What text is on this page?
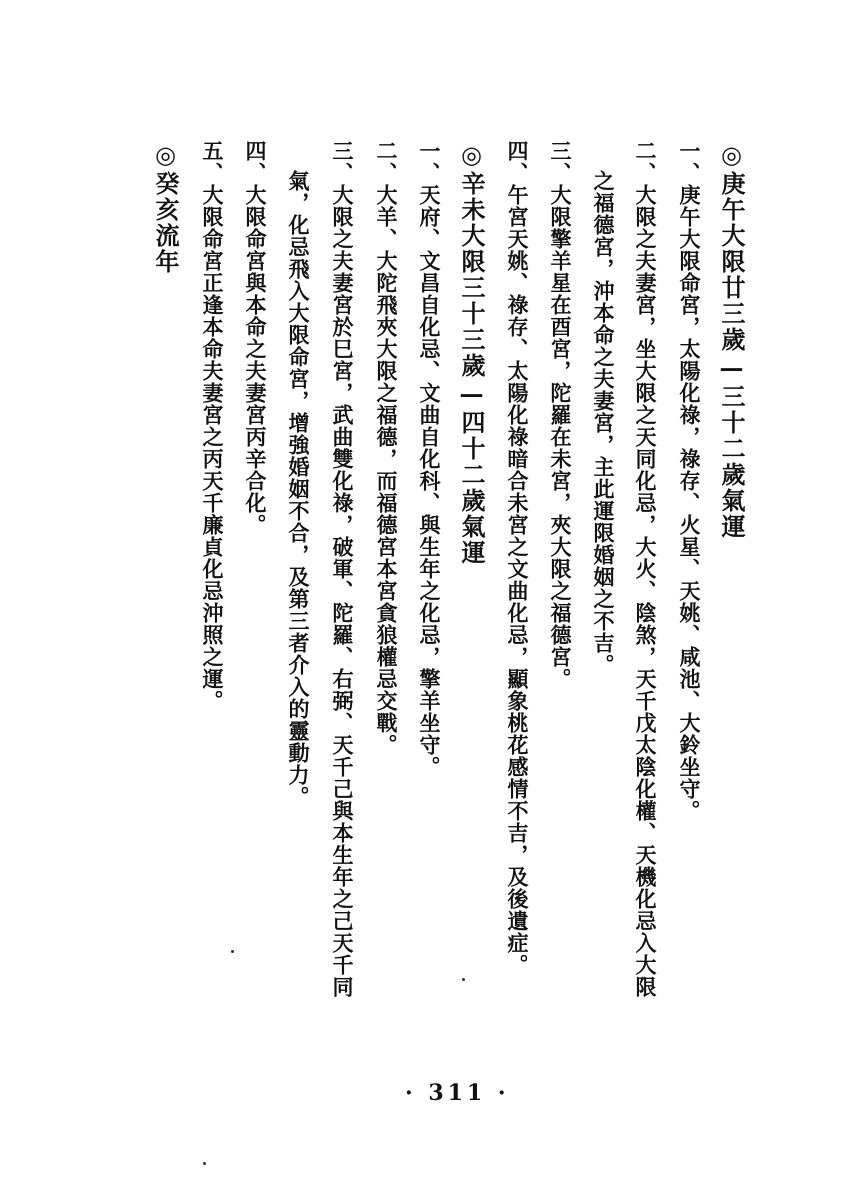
◎庚午大限廿三歲—三十二歲氣運
一、庚午大限命宮，太陽化祿，祿存、火星、天姚、咸池、大鈴坐守。
二、大限之夫妻宮，坐大限之天同化忌，大火、陰煞，天千戊太陰化權、天機化忌入大限
之福德宮，沖本命之夫妻宮，主此運限婚姻之不吉。
三、大限擎羊星在酉宮，陀羅在未宮，夾大限之福德宮。
四、午宮天姚、祿存、太陽化祿暗合未宮之文曲化忌，顯象桃花感情不吉，及後遺症。
◎辛未大限三十三歲—四十二歲氣運
一、天府、文昌自化忌、文曲自化科、與生年之化忌，擎羊坐守。
二、大羊、大陀飛夾大限之福德，而福德宮本宮貪狼權忌交戰。
三、大限之夫妻宮於巳宮，武曲雙化祿，破軍、陀羅、右弼、天千己與本生年之己天千同
氣，化忌飛入大限命宮，增強婚姻不合，及第三者介入的靈動力。
四、大限命宮與本命之夫妻宮丙辛合化。
五、大限命宮正逢本命夫妻宮之丙天千廉貞化忌沖照之運。
◎癸亥流年
· 311 ·
